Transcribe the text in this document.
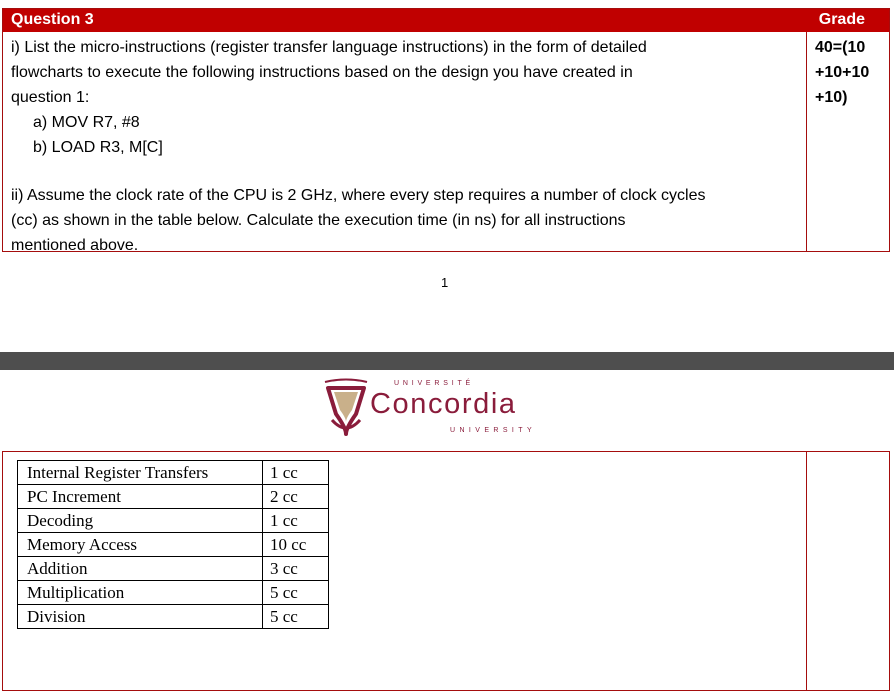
Question 3	Grade

i) List the micro-instructions (register transfer language instructions) in the form of detailed

flowcharts to execute the following instructions based on the design you have created in

question 1:

a) MOV R7, #8

b) LOAD R3, M[C]

ii) Assume the clock rate of the CPU is 2 GHz, where every step requires a number of clock cycles

(cc) as shown in the table below. Calculate the execution time (in ns) for all instructions

mentioned above.

40=(10
+10+10
+10)
1
UNIVERSITÉ
Concordia
UNIVERSITY
Internal Register Transfers	1 cc
PC Increment	2 cc
Decoding	1 cc
Memory Access	10 cc
Addition	3 cc
Multiplication	5 cc
Division	5 cc
